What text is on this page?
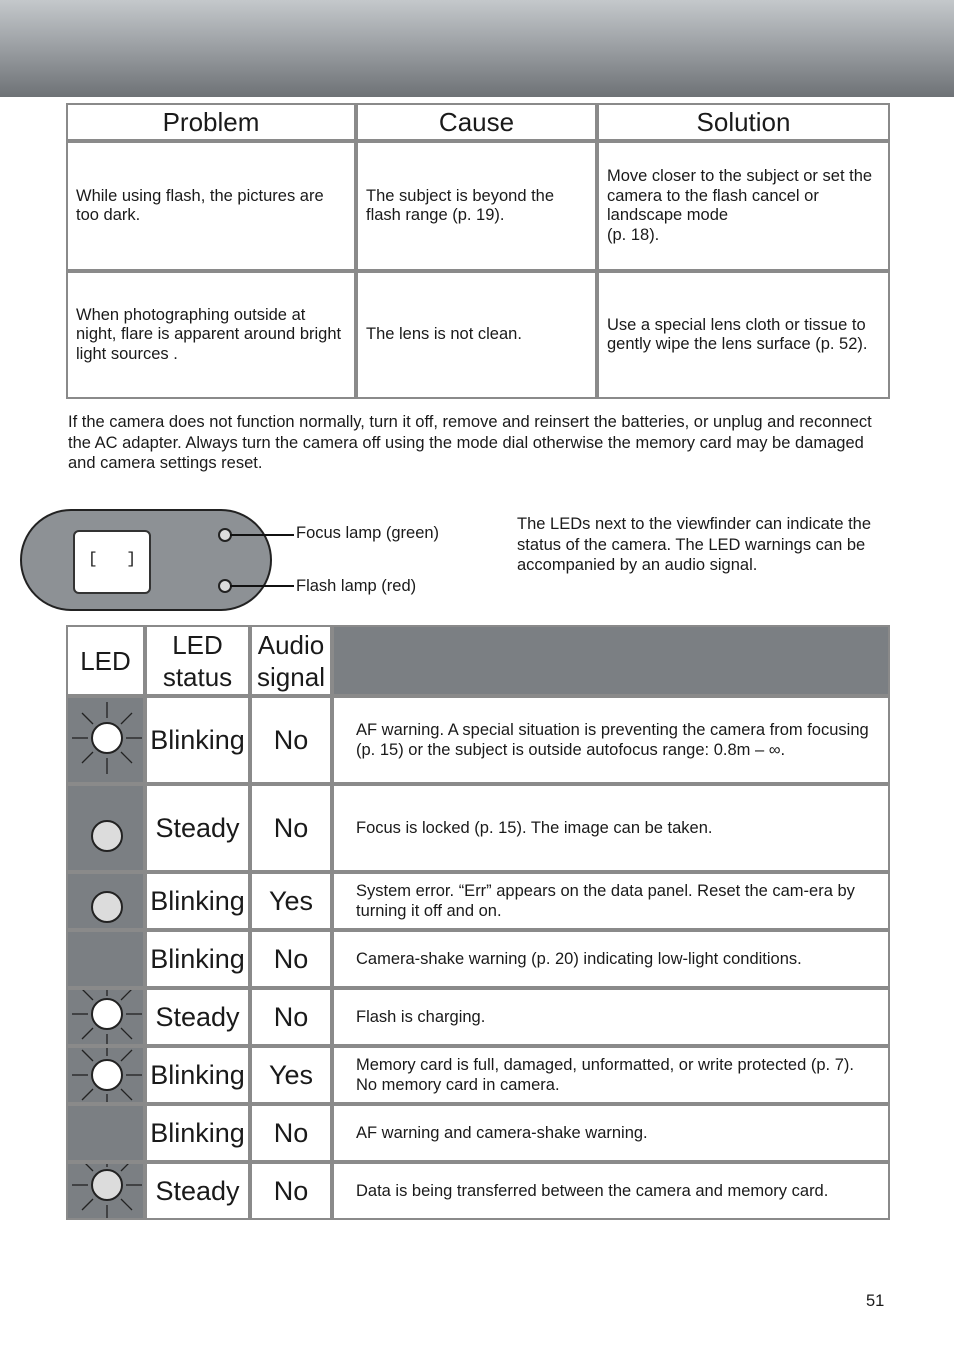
Problem	Cause	Solution
While using flash, the pictures are too dark.	The subject is beyond the flash range (p. 19).	Move closer to the subject or set the camera to the flash cancel or landscape mode
(p. 18).
When photographing outside at night, flare is apparent around bright light sources .	The lens is not clean.	Use a special lens cloth or tissue to gently wipe the lens surface (p. 52).
If the camera does not function normally, turn it off, remove and reinsert the batteries, or unplug and reconnect the AC adapter. Always turn the camera off using the mode dial otherwise the memory card may be damaged and camera settings reset.
[   ]
Focus lamp (green)
Flash lamp (red)
The LEDs next to the viewfinder can indicate the status of the camera. The LED warnings can be accompanied by an audio signal.
LED	LED status	Audio signal	

	Blinking	No	AF warning. A special situation is preventing the camera from focusing (p. 15) or the subject is outside autofocus range: 0.8m – ∞.

	Steady	No	Focus is locked (p. 15). The image can be taken.

	Blinking	Yes	System error. “Err” appears on the data panel. Reset the cam-era by turning it off and on.
	Blinking	No	Camera-shake warning (p. 20) indicating low-light conditions.

	Steady	No	Flash is charging.

	Blinking	Yes	Memory card is full, damaged, unformatted, or write protected (p. 7). No memory card in camera.
	Blinking	No	AF warning and camera-shake warning.

	Steady	No	Data is being transferred between the camera and memory card.
51
